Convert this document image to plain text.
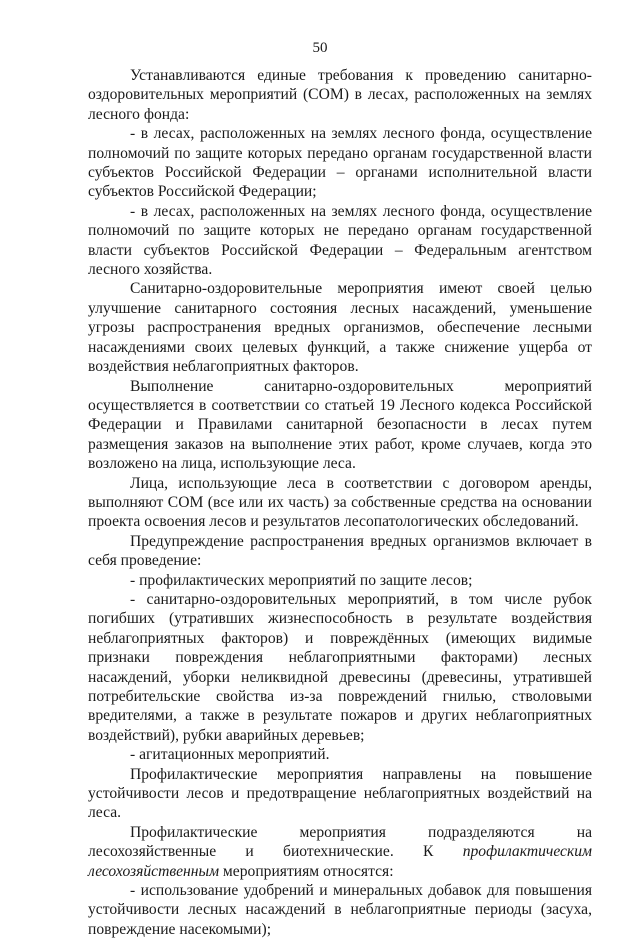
50

Устанавливаются единые требования к проведению санитарно-оздоровительных мероприятий (СОМ) в лесах, расположенных на землях лесного фонда:

- в лесах, расположенных на землях лесного фонда, осуществление полномочий по защите которых передано органам государственной власти субъектов Российской Федерации – органами исполнительной власти субъектов Российской Федерации;

- в лесах, расположенных на землях лесного фонда, осуществление полномочий по защите которых не передано органам государственной власти субъектов Российской Федерации – Федеральным агентством лесного хозяйства.

Санитарно-оздоровительные мероприятия имеют своей целью улучшение санитарного состояния лесных насаждений, уменьшение угрозы распространения вредных организмов, обеспечение лесными насаждениями своих целевых функций, а также снижение ущерба от воздействия неблагоприятных факторов.

Выполнение санитарно-оздоровительных мероприятий осуществляется в соответствии со статьей 19 Лесного кодекса Российской Федерации и Правилами санитарной безопасности в лесах путем размещения заказов на выполнение этих работ, кроме случаев, когда это возложено на лица, использующие леса.

Лица, использующие леса в соответствии с договором аренды, выполняют СОМ (все или их часть) за собственные средства на основании проекта освоения лесов и результатов лесопатологических обследований.

Предупреждение распространения вредных организмов включает в себя проведение:

- профилактических мероприятий по защите лесов;

- санитарно-оздоровительных мероприятий, в том числе рубок погибших (утративших жизнеспособность в результате воздействия неблагоприятных факторов) и повреждённых (имеющих видимые признаки повреждения неблагоприятными факторами) лесных насаждений, уборки неликвидной древесины (древесины, утратившей потребительские свойства из-за повреждений гнилью, стволовыми вредителями, а также в результате пожаров и других неблагоприятных воздействий), рубки аварийных деревьев;

- агитационных мероприятий.

Профилактические мероприятия направлены на повышение устойчивости лесов и предотвращение неблагоприятных воздействий на леса.

Профилактические мероприятия подразделяются на лесохозяйственные и биотехнические. К профилактическим лесохозяйственным мероприятиям относятся:

- использование удобрений и минеральных добавок для повышения устойчивости лесных насаждений в неблагоприятные периоды (засуха, повреждение насекомыми);
